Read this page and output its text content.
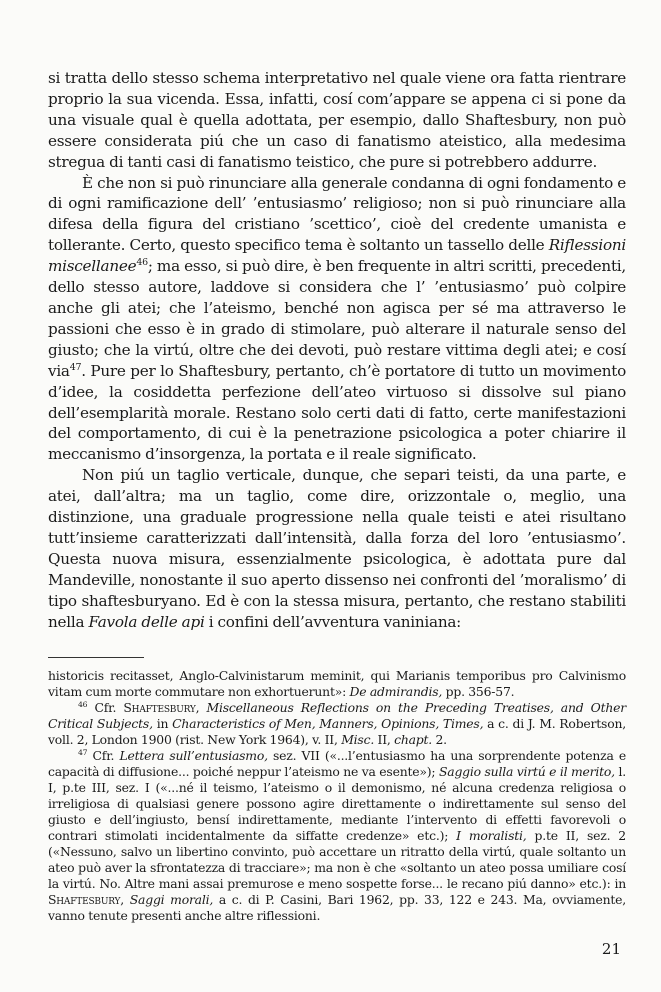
si tratta dello stesso schema interpretativo nel quale viene ora fatta rientrare proprio la sua vicenda. Essa, infatti, cosí com’appare se appena ci si pone da una visuale qual è quella adottata, per esempio, dallo Shaftesbury, non può essere considerata piú che un caso di fanatismo ateistico, alla medesima stregua di tanti casi di fanatismo teistico, che pure si potrebbero addurre.

È che non si può rinunciare alla generale condanna di ogni fondamento e di ogni ramificazione dell’ ’entusiasmo’ religioso; non si può rinunciare alla difesa della figura del cristiano ’scettico’, cioè del credente umanista e tollerante. Certo, questo specifico tema è soltanto un tassello delle Riflessioni miscellanee$^{46}$; ma esso, si può dire, è ben frequente in altri scritti, precedenti, dello stesso autore, laddove si considera che l’ ’entusiasmo’ può colpire anche gli atei; che l’ateismo, benché non agisca per sé ma attraverso le passioni che esso è in grado di stimolare, può alterare il naturale senso del giusto; che la virtú, oltre che dei devoti, può restare vittima degli atei; e cosí via$^{47}$. Pure per lo Shaftesbury, pertanto, ch’è portatore di tutto un movimento d’idee, la cosiddetta perfezione dell’ateo virtuoso si dissolve sul piano dell’esemplarità morale. Restano solo certi dati di fatto, certe manifestazioni del comportamento, di cui è la penetrazione psicologica a poter chiarire il meccanismo d’insorgenza, la portata e il reale significato.

Non piú un taglio verticale, dunque, che separi teisti, da una parte, e atei, dall’altra; ma un taglio, come dire, orizzontale o, meglio, una distinzione, una graduale progressione nella quale teisti e atei risultano tutt’insieme caratterizzati dall’intensità, dalla forza del loro ’entusiasmo’. Questa nuova misura, essenzialmente psicologica, è adottata pure dal Mandeville, nonostante il suo aperto dissenso nei confronti del ’moralismo’ di tipo shaftesburyano. Ed è con la stessa misura, pertanto, che restano stabiliti nella Favola delle api i confini dell’avventura vaniniana:

historicis recitasset, Anglo-Calvinistarum meminit, qui Marianis temporibus pro Calvinismo vitam cum morte commutare non exhortuerunt»: De admirandis, pp. 356-57.

$^{46}$ Cfr. Shaftesbury, Miscellaneous Reflections on the Preceding Treatises, and Other Critical Subjects, in Characteristics of Men, Manners, Opinions, Times, a c. di J. M. Robertson, voll. 2, London 1900 (rist. New York 1964), v. II, Misc. II, chapt. 2.

$^{47}$ Cfr. Lettera sull’entusiasmo, sez. VII («...l’entusiasmo ha una sorprendente potenza e capacità di diffusione... poiché neppur l’ateismo ne va esente»); Saggio sulla virtú e il merito, l. I, p.te III, sez. I («...né il teismo, l’ateismo o il demonismo, né alcuna credenza religiosa o irreligiosa di qualsiasi genere possono agire direttamente o indirettamente sul senso del giusto e dell’ingiusto, bensí indirettamente, mediante l’intervento di effetti favorevoli o contrari stimolati incidentalmente da siffatte credenze» etc.); I moralisti, p.te II, sez. 2 («Nessuno, salvo un libertino convinto, può accettare un ritratto della virtú, quale soltanto un ateo può aver la sfrontatezza di tracciare»; ma non è che «soltanto un ateo possa umiliare cosí la virtú. No. Altre mani assai premurose e meno sospette forse... le recano piú danno» etc.): in Shaftesbury, Saggi morali, a c. di P. Casini, Bari 1962, pp. 33, 122 e 243. Ma, ovviamente, vanno tenute presenti anche altre riflessioni.

21
